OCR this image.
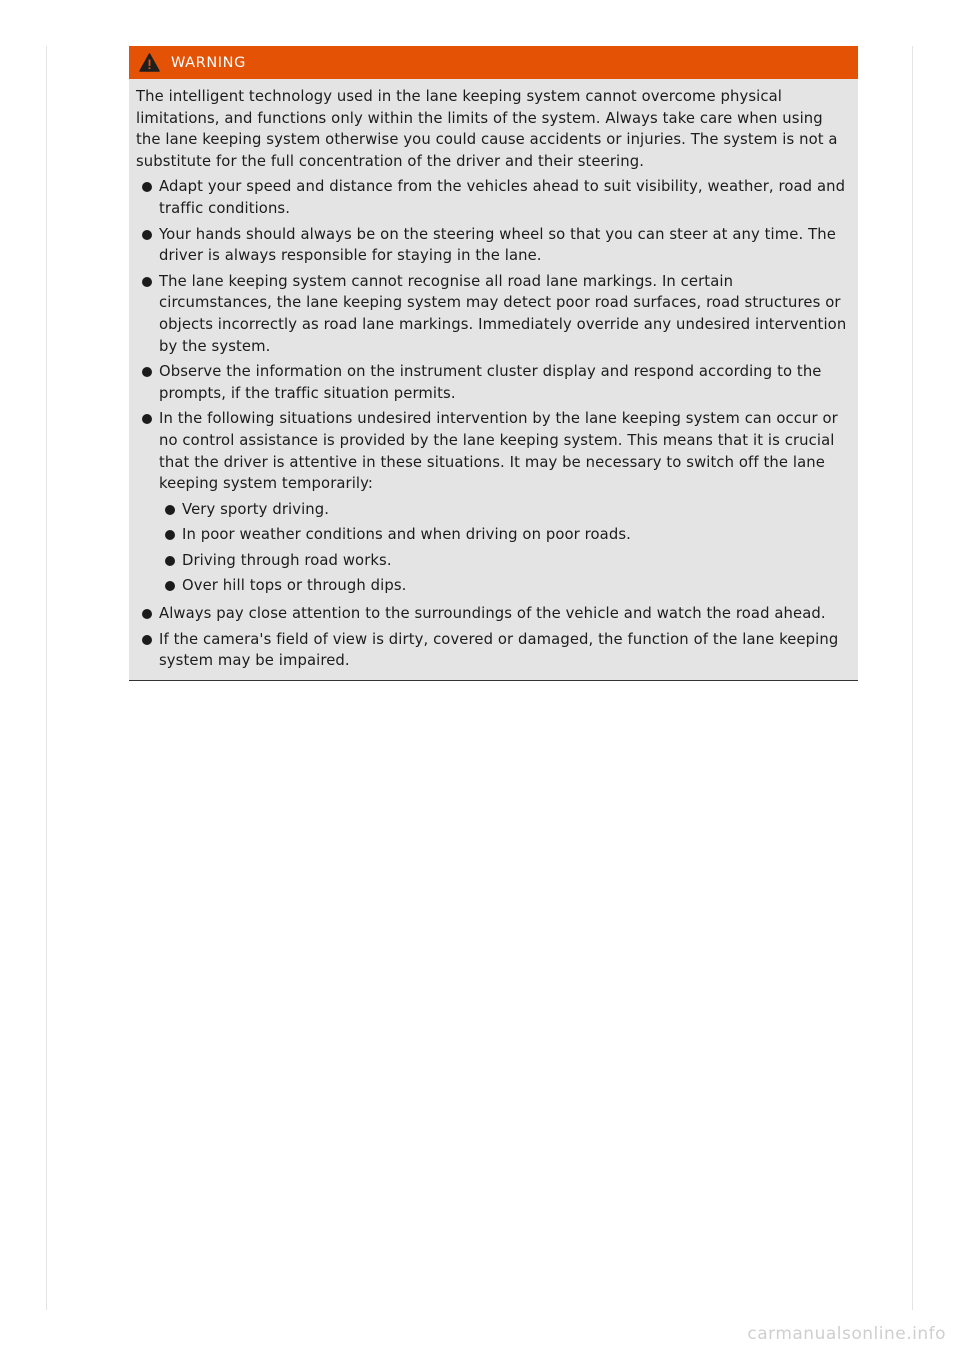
WARNING

The intelligent technology used in the lane keeping system cannot overcome physical limitations, and functions only within the limits of the system. Always take care when using the lane keeping system otherwise you could cause accidents or injuries. The system is not a substitute for the full concentration of the driver and their steering.

Adapt your speed and distance from the vehicles ahead to suit visibility, weather, road and traffic conditions.
Your hands should always be on the steering wheel so that you can steer at any time. The driver is always responsible for staying in the lane.
The lane keeping system cannot recognise all road lane markings. In certain circumstances, the lane keeping system may detect poor road surfaces, road structures or objects incorrectly as road lane markings. Immediately override any undesired intervention by the system.
Observe the information on the instrument cluster display and respond according to the prompts, if the traffic situation permits.
In the following situations undesired intervention by the lane keeping system can occur or no control assistance is provided by the lane keeping system. This means that it is crucial that the driver is attentive in these situations. It may be necessary to switch off the lane keeping system temporarily:
Very sporty driving.
In poor weather conditions and when driving on poor roads.
Driving through road works.
Over hill tops or through dips.
Always pay close attention to the surroundings of the vehicle and watch the road ahead.
If the camera's field of view is dirty, covered or damaged, the function of the lane keeping system may be impaired.
carmanualsonline.info
